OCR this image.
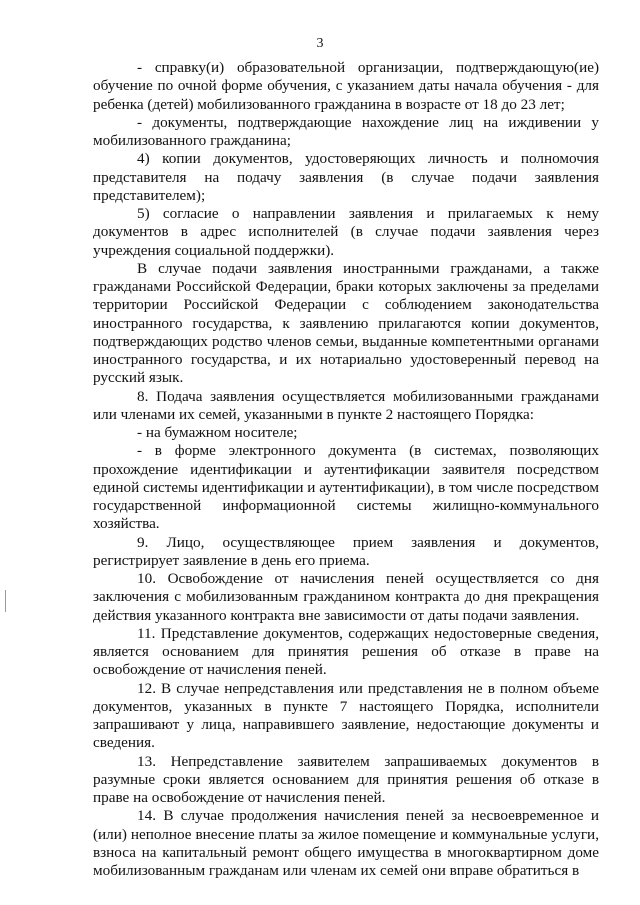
3

- справку(и) образовательной организации, подтверждающую(ие) обучение по очной форме обучения, с указанием даты начала обучения - для ребенка (детей) мобилизованного гражданина в возрасте от 18 до 23 лет;

- документы, подтверждающие нахождение лиц на иждивении у мобилизованного гражданина;

4) копии документов, удостоверяющих личность и полномочия представителя на подачу заявления (в случае подачи заявления представителем);

5) согласие о направлении заявления и прилагаемых к нему документов в адрес исполнителей (в случае подачи заявления через учреждения социальной поддержки).

В случае подачи заявления иностранными гражданами, а также гражданами Российской Федерации, браки которых заключены за пределами территории Российской Федерации с соблюдением законодательства иностранного государства, к заявлению прилагаются копии документов, подтверждающих родство членов семьи, выданные компетентными органами иностранного государства, и их нотариально удостоверенный перевод на русский язык.

8. Подача заявления осуществляется мобилизованными гражданами или членами их семей, указанными в пункте 2 настоящего Порядка:

- на бумажном носителе;

- в форме электронного документа (в системах, позволяющих прохождение идентификации и аутентификации заявителя посредством единой системы идентификации и аутентификации), в том числе посредством государственной информационной системы жилищно-коммунального хозяйства.

9. Лицо, осуществляющее прием заявления и документов, регистрирует заявление в день его приема.

10. Освобождение от начисления пеней осуществляется со дня заключения с мобилизованным гражданином контракта до дня прекращения действия указанного контракта вне зависимости от даты подачи заявления.

11. Представление документов, содержащих недостоверные сведения, является основанием для принятия решения об отказе в праве на освобождение от начисления пеней.

12. В случае непредставления или представления не в полном объеме документов, указанных в пункте 7 настоящего Порядка, исполнители запрашивают у лица, направившего заявление, недостающие документы и сведения.

13. Непредставление заявителем запрашиваемых документов в разумные сроки является основанием для принятия решения об отказе в праве на освобождение от начисления пеней.

14. В случае продолжения начисления пеней за несвоевременное и (или) неполное внесение платы за жилое помещение и коммунальные услуги, взноса на капитальный ремонт общего имущества в многоквартирном доме мобилизованным гражданам или членам их семей они вправе обратиться в
